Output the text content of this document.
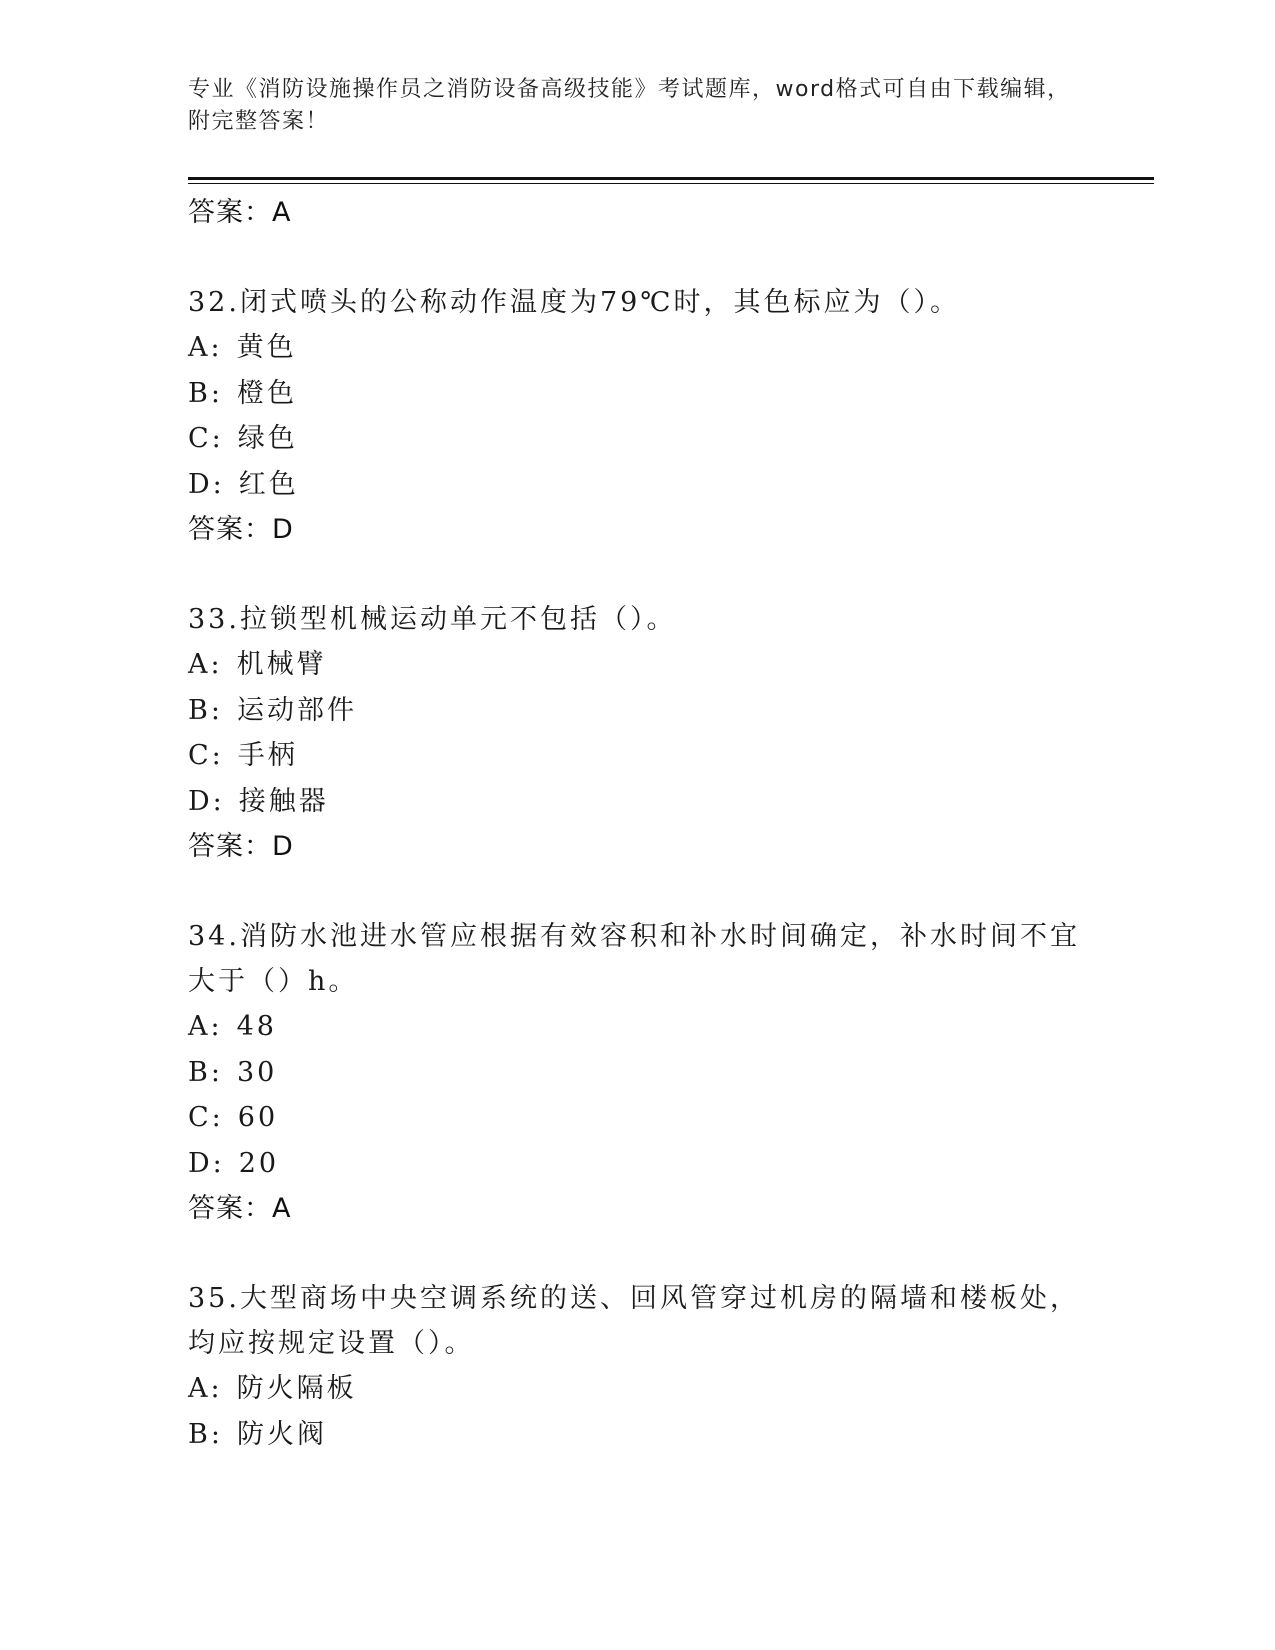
专业《消防设施操作员之消防设备高级技能》考试题库，word格式可自由下载编辑，附完整答案！
答案：A
32.闭式喷头的公称动作温度为79℃时，其色标应为（）。
A: 黄色
B: 橙色
C: 绿色
D: 红色
答案：D
33.拉锁型机械运动单元不包括（）。
A: 机械臂
B: 运动部件
C: 手柄
D: 接触器
答案：D
34.消防水池进水管应根据有效容积和补水时间确定，补水时间不宜大于（）h。
A: 48
B: 30
C: 60
D: 20
答案：A
35.大型商场中央空调系统的送、回风管穿过机房的隔墙和楼板处，均应按规定设置（）。
A: 防火隔板
B: 防火阀
